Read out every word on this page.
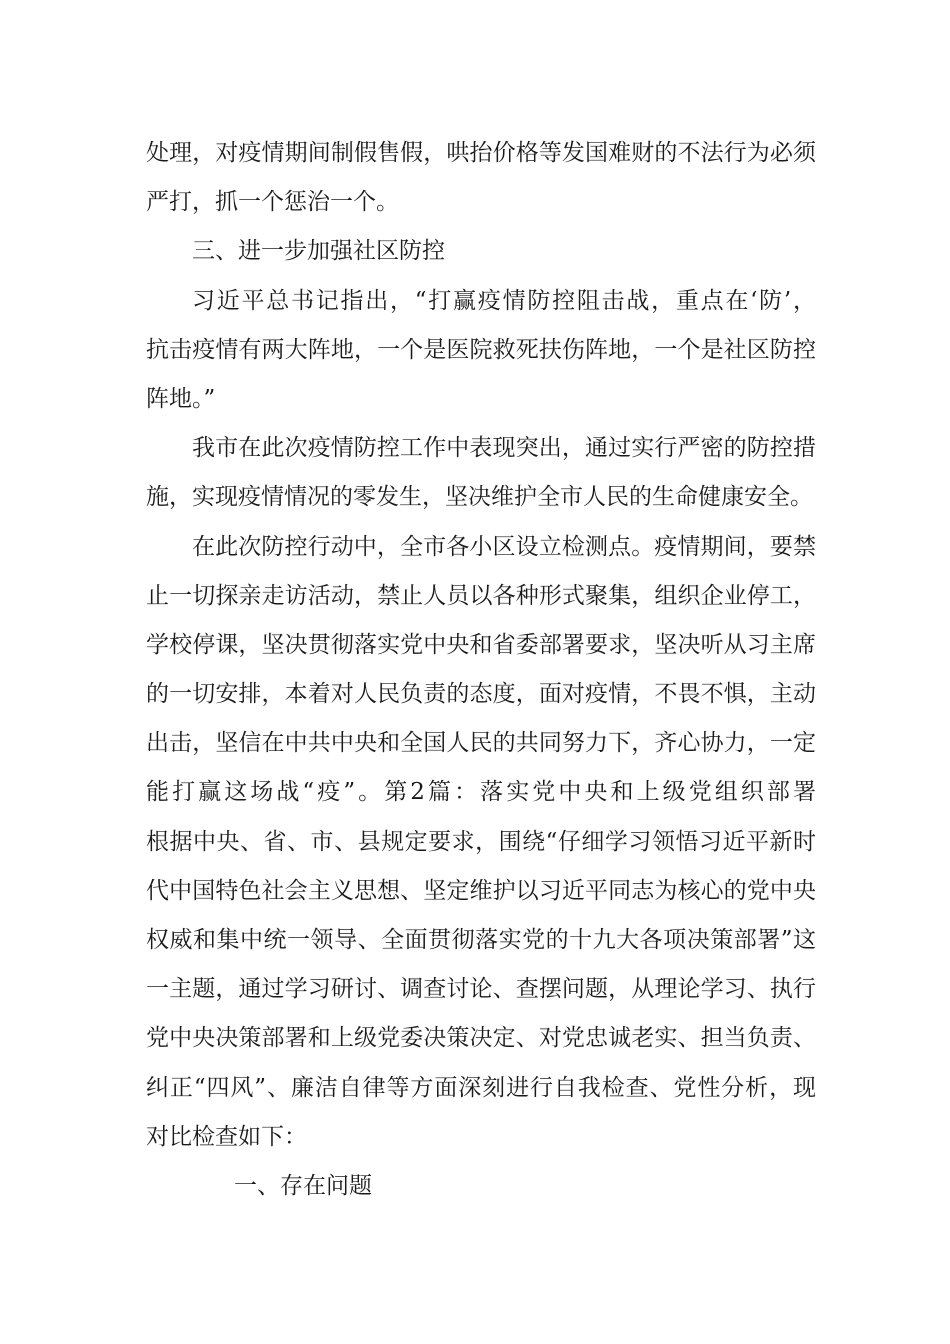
处理，对疫情期间制假售假，哄抬价格等发国难财的不法行为必须
严打，抓一个惩治一个。
三、进一步加强社区防控
习近平总书记指出，“打赢疫情防控阻击战，重点在‘防’，
抗击疫情有两大阵地，一个是医院救死扶伤阵地，一个是社区防控
阵地。”
我市在此次疫情防控工作中表现突出，通过实行严密的防控措
施，实现疫情情况的零发生，坚决维护全市人民的生命健康安全。
在此次防控行动中，全市各小区设立检测点。疫情期间，要禁
止一切探亲走访活动，禁止人员以各种形式聚集，组织企业停工，
学校停课，坚决贯彻落实党中央和省委部署要求，坚决听从习主席
的一切安排，本着对人民负责的态度，面对疫情，不畏不惧，主动
出击，坚信在中共中央和全国人民的共同努力下，齐心协力，一定
能打赢这场战“疫”。第2篇：落实党中央和上级党组织部署
根据中央、省、市、县规定要求，围绕“仔细学习领悟习近平新时
代中国特色社会主义思想、坚定维护以习近平同志为核心的党中央
权威和集中统一领导、全面贯彻落实党的十九大各项决策部署”这
一主题，通过学习研讨、调查讨论、查摆问题，从理论学习、执行
党中央决策部署和上级党委决策决定、对党忠诚老实、担当负责、
纠正“四风”、廉洁自律等方面深刻进行自我检查、党性分析，现
对比检查如下：
一、存在问题
